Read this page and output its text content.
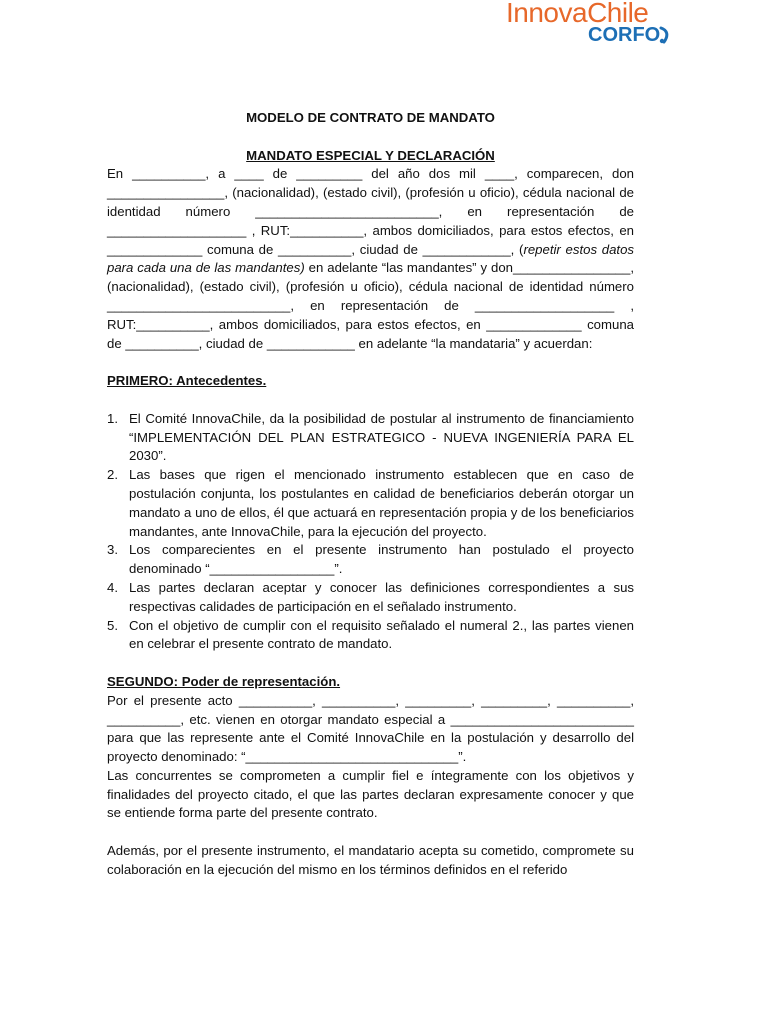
InnovaChile
CORFO

MODELO DE CONTRATO DE MANDATO

MANDATO ESPECIAL Y DECLARACIÓN

En __________, a ____ de _________ del año dos mil ____, comparecen, don ________________, (nacionalidad), (estado civil), (profesión u oficio), cédula nacional de identidad número _________________________, en representación de ___________________ , RUT:__________, ambos domiciliados, para estos efectos, en _____________ comuna de __________, ciudad de ____________, (repetir estos datos para cada una de las mandantes) en adelante “las mandantes” y don________________, (nacionalidad), (estado civil), (profesión u oficio), cédula nacional de identidad número _________________________, en representación de ___________________ , RUT:__________, ambos domiciliados, para estos efectos, en _____________ comuna de __________, ciudad de ____________ en adelante “la mandataria” y acuerdan:

PRIMERO: Antecedentes.

1. El Comité InnovaChile, da la posibilidad de postular al instrumento de financiamiento “IMPLEMENTACIÓN DEL PLAN ESTRATEGICO - NUEVA INGENIERÍA PARA EL 2030”.
2. Las bases que rigen el mencionado instrumento establecen que en caso de postulación conjunta, los postulantes en calidad de beneficiarios deberán otorgar un mandato a uno de ellos, él que actuará en representación propia y de los beneficiarios mandantes, ante InnovaChile, para la ejecución del proyecto.
3. Los comparecientes en el presente instrumento han postulado el proyecto denominado “_________________”.
4. Las partes declaran aceptar y conocer las definiciones correspondientes a sus respectivas calidades de participación en el señalado instrumento.
5. Con el objetivo de cumplir con el requisito señalado el numeral 2., las partes vienen en celebrar el presente contrato de mandato.

SEGUNDO: Poder de representación.

Por el presente acto __________, __________, _________, _________, __________, __________, etc. vienen en otorgar mandato especial a _________________________ para que las represente ante el Comité InnovaChile en la postulación y desarrollo del proyecto denominado: “_____________________________”.

Las concurrentes se comprometen a cumplir fiel e íntegramente con los objetivos y finalidades del proyecto citado, el que las partes declaran expresamente conocer y que se entiende forma parte del presente contrato.

Además, por el presente instrumento, el mandatario acepta su cometido, compromete su colaboración en la ejecución del mismo en los términos definidos en el referido
